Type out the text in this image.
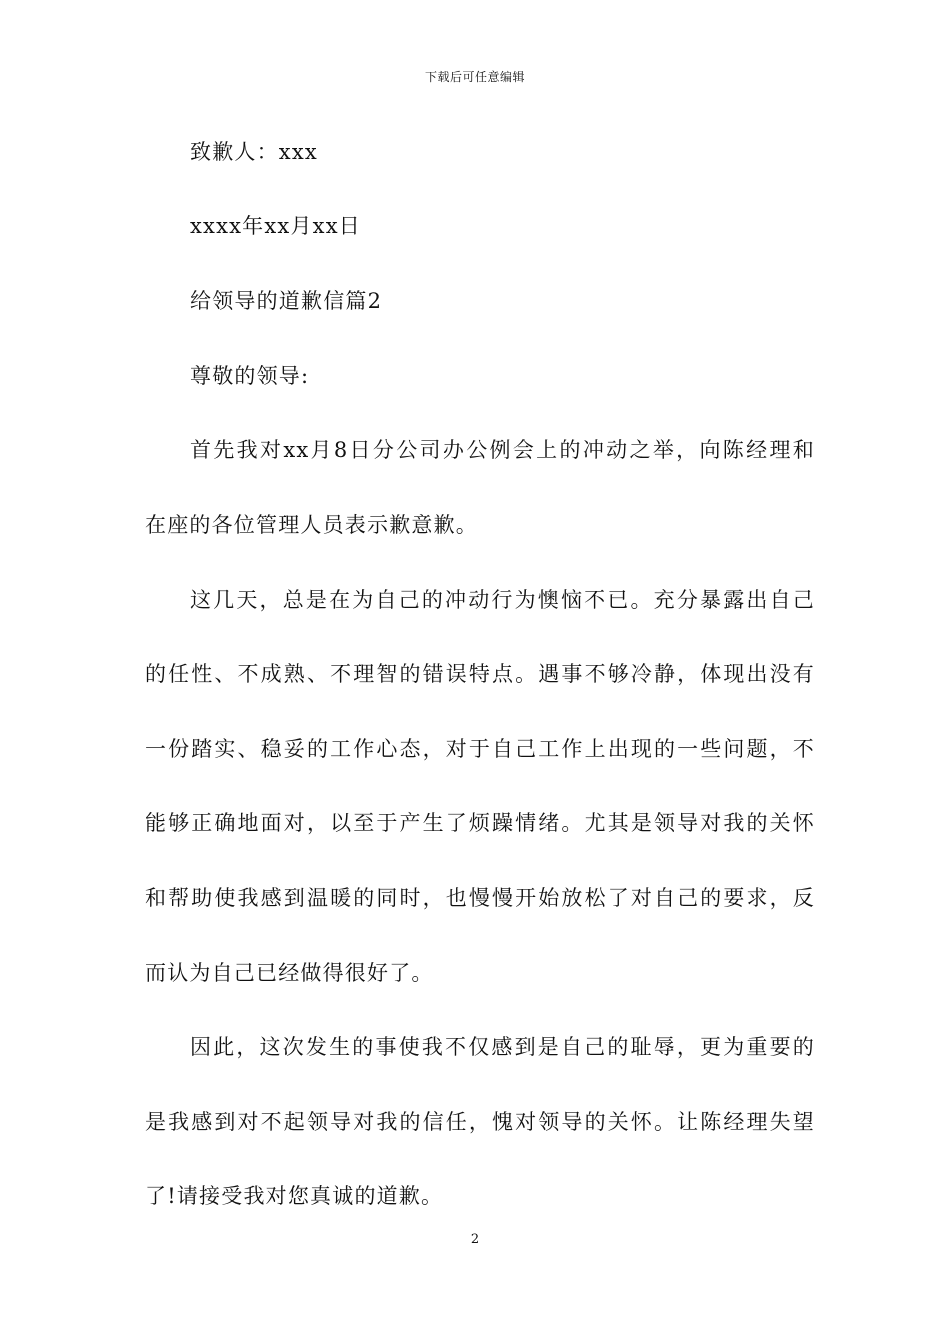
下载后可任意编辑
致歉人：xxx
xxxx年xx月xx日
给领导的道歉信篇2
尊敬的领导:
首先我对xx月8日分公司办公例会上的冲动之举，向陈经理和
在座的各位管理人员表示歉意歉。
这几天，总是在为自己的冲动行为懊恼不已。充分暴露出自己
的任性、不成熟、不理智的错误特点。遇事不够冷静，体现出没有
一份踏实、稳妥的工作心态，对于自己工作上出现的一些问题，不
能够正确地面对，以至于产生了烦躁情绪。尤其是领导对我的关怀
和帮助使我感到温暖的同时，也慢慢开始放松了对自己的要求，反
而认为自己已经做得很好了。
因此，这次发生的事使我不仅感到是自己的耻辱，更为重要的
是我感到对不起领导对我的信任，愧对领导的关怀。让陈经理失望
了!请接受我对您真诚的道歉。
2
